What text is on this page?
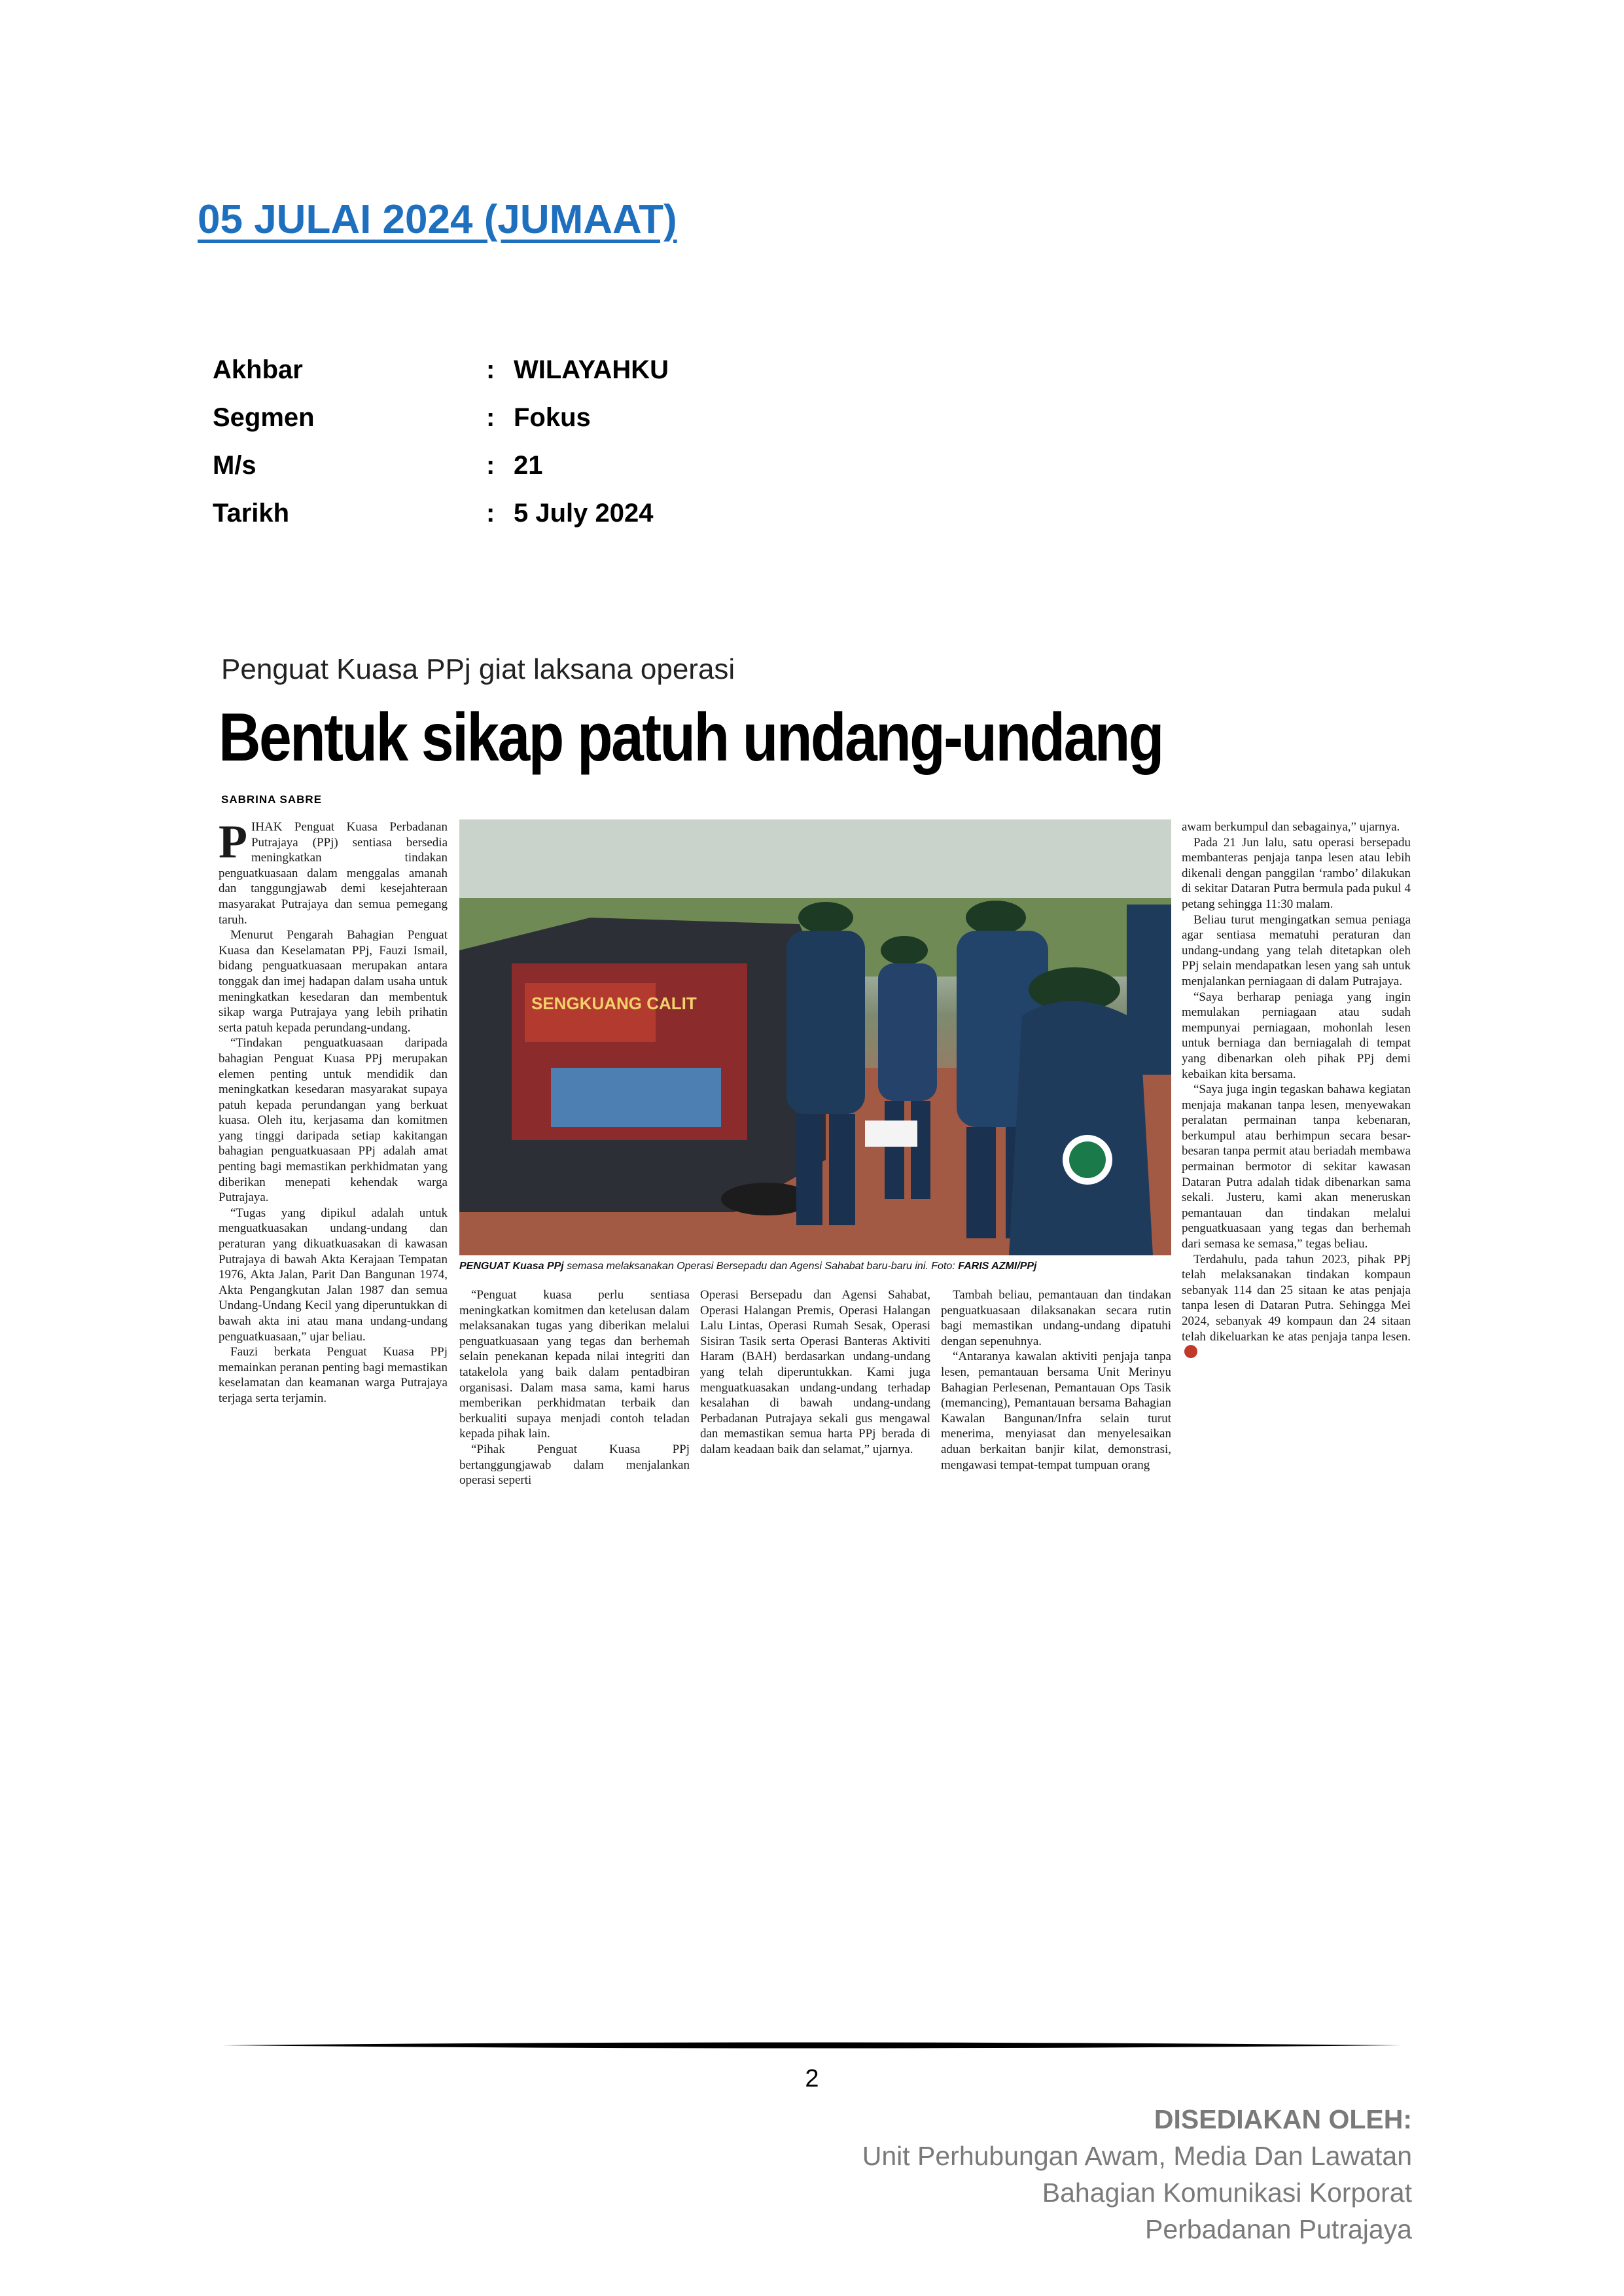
05 JULAI 2024 (JUMAAT)
Akhbar	: WILAYAHKU
Segmen	: Fokus
M/s	: 21
Tarikh	: 5 July 2024
Penguat Kuasa PPj giat laksana operasi
Bentuk sikap patuh undang-undang
SABRINA SABRE

PIHAK Penguat Kuasa Perbadanan Putrajaya (PPj) sentiasa bersedia meningkatkan tindakan penguatkuasaan dalam menggalas amanah dan tanggungjawab demi kesejahteraan masyarakat Putrajaya dan semua pemegang taruh.

Menurut Pengarah Bahagian Penguat Kuasa dan Keselamatan PPj, Fauzi Ismail, bidang penguatkuasaan merupakan antara tonggak dan imej hadapan dalam usaha untuk meningkatkan kesedaran dan membentuk sikap warga Putrajaya yang lebih prihatin serta patuh kepada perundang-undang.

“Tindakan penguatkuasaan daripada bahagian Penguat Kuasa PPj merupakan elemen penting untuk mendidik dan meningkatkan kesedaran masyarakat supaya patuh kepada perundangan yang berkuat kuasa. Oleh itu, kerjasama dan komitmen yang tinggi daripada setiap kakitangan bahagian penguatkuasaan PPj adalah amat penting bagi memastikan perkhidmatan yang diberikan menepati kehendak warga Putrajaya.

“Tugas yang dipikul adalah untuk menguatkuasakan undang-undang dan peraturan yang dikuatkuasakan di kawasan Putrajaya di bawah Akta Kerajaan Tempatan 1976, Akta Jalan, Parit Dan Bangunan 1974, Akta Pengangkutan Jalan 1987 dan semua Undang-Undang Kecil yang diperuntukkan di bawah akta ini atau mana undang-undang penguatkuasaan,” ujar beliau.

Fauzi berkata Penguat Kuasa PPj memainkan peranan penting bagi memastikan keselamatan dan keamanan warga Putrajaya terjaga serta terjamin.

SENGKUANG CALIT
PENGUAT Kuasa PPj semasa melaksanakan Operasi Bersepadu dan Agensi Sahabat baru-baru ini. Foto: FARIS AZMI/PPj

“Penguat kuasa perlu sentiasa meningkatkan komitmen dan ketelusan dalam melaksanakan tugas yang diberikan melalui penguatkuasaan yang tegas dan berhemah selain penekanan kepada nilai integriti dan tatakelola yang baik dalam pentadbiran organisasi. Dalam masa sama, kami harus memberikan perkhidmatan terbaik dan berkualiti supaya menjadi contoh teladan kepada pihak lain.

“Pihak Penguat Kuasa PPj bertanggungjawab dalam menjalankan operasi seperti

Operasi Bersepadu dan Agensi Sahabat, Operasi Halangan Premis, Operasi Halangan Lalu Lintas, Operasi Rumah Sesak, Operasi Sisiran Tasik serta Operasi Banteras Aktiviti Haram (BAH) berdasarkan undang-undang yang telah diperuntukkan. Kami juga menguatkuasakan undang-undang terhadap kesalahan di bawah undang-undang Perbadanan Putrajaya sekali gus mengawal dan memastikan semua harta PPj berada di dalam keadaan baik dan selamat,” ujarnya.

Tambah beliau, pemantauan dan tindakan penguatkuasaan dilaksanakan secara rutin bagi memastikan undang-undang dipatuhi dengan sepenuhnya.

“Antaranya kawalan aktiviti penjaja tanpa lesen, pemantauan bersama Unit Merinyu Bahagian Perlesenan, Pemantauan Ops Tasik (memancing), Pemantauan bersama Bahagian Kawalan Bangunan/Infra selain turut menerima, menyiasat dan menyelesaikan aduan berkaitan banjir kilat, demonstrasi, mengawasi tempat-tempat tumpuan orang

awam berkumpul dan sebagainya,” ujarnya.

Pada 21 Jun lalu, satu operasi bersepadu membanteras penjaja tanpa lesen atau lebih dikenali dengan panggilan ‘rambo’ dilakukan di sekitar Dataran Putra bermula pada pukul 4 petang sehingga 11:30 malam.

Beliau turut mengingatkan semua peniaga agar sentiasa mematuhi peraturan dan undang-undang yang telah ditetapkan oleh PPj selain mendapatkan lesen yang sah untuk menjalankan perniagaan di dalam Putrajaya.

“Saya berharap peniaga yang ingin memulakan perniagaan atau sudah mempunyai perniagaan, mohonlah lesen untuk berniaga dan berniagalah di tempat yang dibenarkan oleh pihak PPj demi kebaikan kita bersama.

“Saya juga ingin tegaskan bahawa kegiatan menjaja makanan tanpa lesen, menyewakan peralatan permainan tanpa kebenaran, berkumpul atau berhimpun secara besar-besaran tanpa permit atau beriadah membawa permainan bermotor di sekitar kawasan Dataran Putra adalah tidak dibenarkan sama sekali. Justeru, kami akan meneruskan pemantauan dan tindakan melalui penguatkuasaan yang tegas dan berhemah dari semasa ke semasa,” tegas beliau.

Terdahulu, pada tahun 2023, pihak PPj telah melaksanakan tindakan kompaun sebanyak 114 dan 25 sitaan ke atas penjaja tanpa lesen di Dataran Putra. Sehingga Mei 2024, sebanyak 49 kompaun dan 24 sitaan telah dikeluarkan ke atas penjaja tanpa lesen.

2
DISEDIAKAN OLEH:
Unit Perhubungan Awam, Media Dan Lawatan
Bahagian Komunikasi Korporat
Perbadanan Putrajaya
